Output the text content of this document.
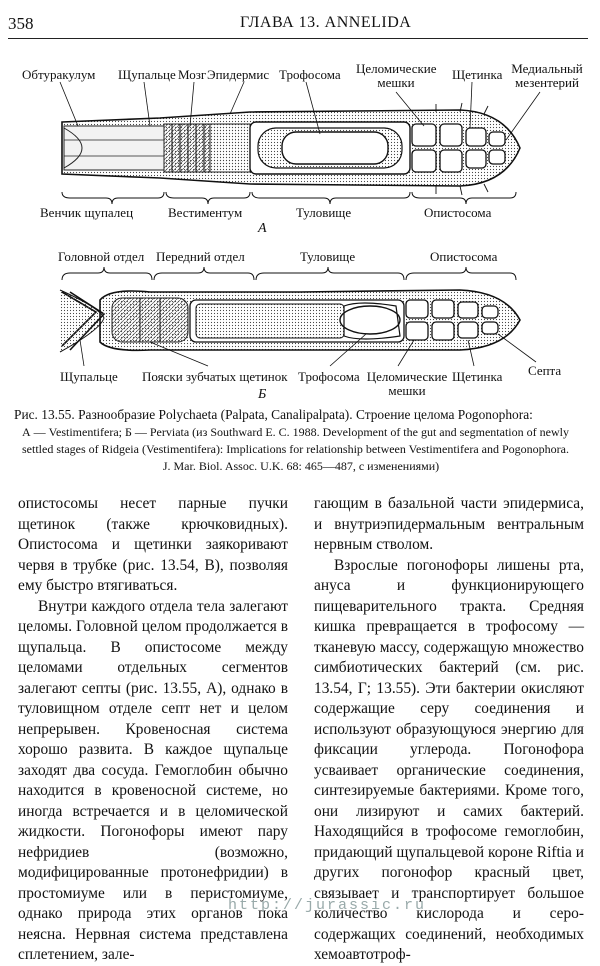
358	ГЛАВА 13. ANNELIDA
Обтуракулум Щупальце Мозг Эпидермис Трофосома Целомические мешки
Щетинка Медиальный мезентерий
Венчик щупалец	Вестиментум	Туловище	Опистосома
А
Головной отдел Передний отдел	Туловище	Опистосома
Щупальце Пояски зубчатых щетинок Трофосома Целомические мешки
Щетинка Септа
Б
Рис. 13.55. Разнообразие Polychaeta (Palpata, Canalipalpata). Строение целома Pogonophora:
А — Vestimentifera; Б — Perviata (из Southward E. C. 1988. Development of the gut and segmentation of newly
settled stages of Ridgeia (Vestimentifera): Implications for relationship between Vestimentifera and Pogonophora.
J. Mar. Biol. Assoc. U.K. 68: 465—487, с изменениями)

опистосомы несет парные пучки щетинок (также крючковидных). Опистосома и щетинки заякоривают червя в трубке (рис. 13.54, В), позволяя ему быстро втягиваться.

Внутри каждого отдела тела залегают целомы. Головной целом продолжается в щупальца. В опистосоме между целомами отдельных сегментов залегают септы (рис. 13.55, А), однако в туловищном отделе септ нет и целом непрерывен. Кровеносная система хорошо развита. В каждое щупальце заходят два сосуда. Гемоглобин обычно находится в кровеносной системе, но иногда встречается и в целомической жидкости. Погонофоры имеют пару нефридиев (возможно, модифицированные протонефридии) в простомиуме или в перистомиуме, однако природа этих органов пока неясна. Нервная система представлена сплетением, зале-

гающим в базальной части эпидермиса, и внутриэпидермальным вентральным нервным стволом.

Взрослые погонофоры лишены рта, ануса и функционирующего пищеварительного тракта. Средняя кишка превращается в трофосому — тканевую массу, содержащую множество симбиотических бактерий (см. рис. 13.54, Г; 13.55). Эти бактерии окисляют содержащие серу соединения и используют образующуюся энергию для фиксации углерода. Погонофора усваивает органические соединения, синтезируемые бактериями. Кроме того, они лизируют и самих бактерий. Находящийся в трофосоме гемоглобин, придающий щупальцевой короне Riftia и других погонофор красный цвет, связывает и транспортирует большое количество кислорода и серо-содержащих соединений, необходимых хемоавтотроф-

http://jurassic.ru
